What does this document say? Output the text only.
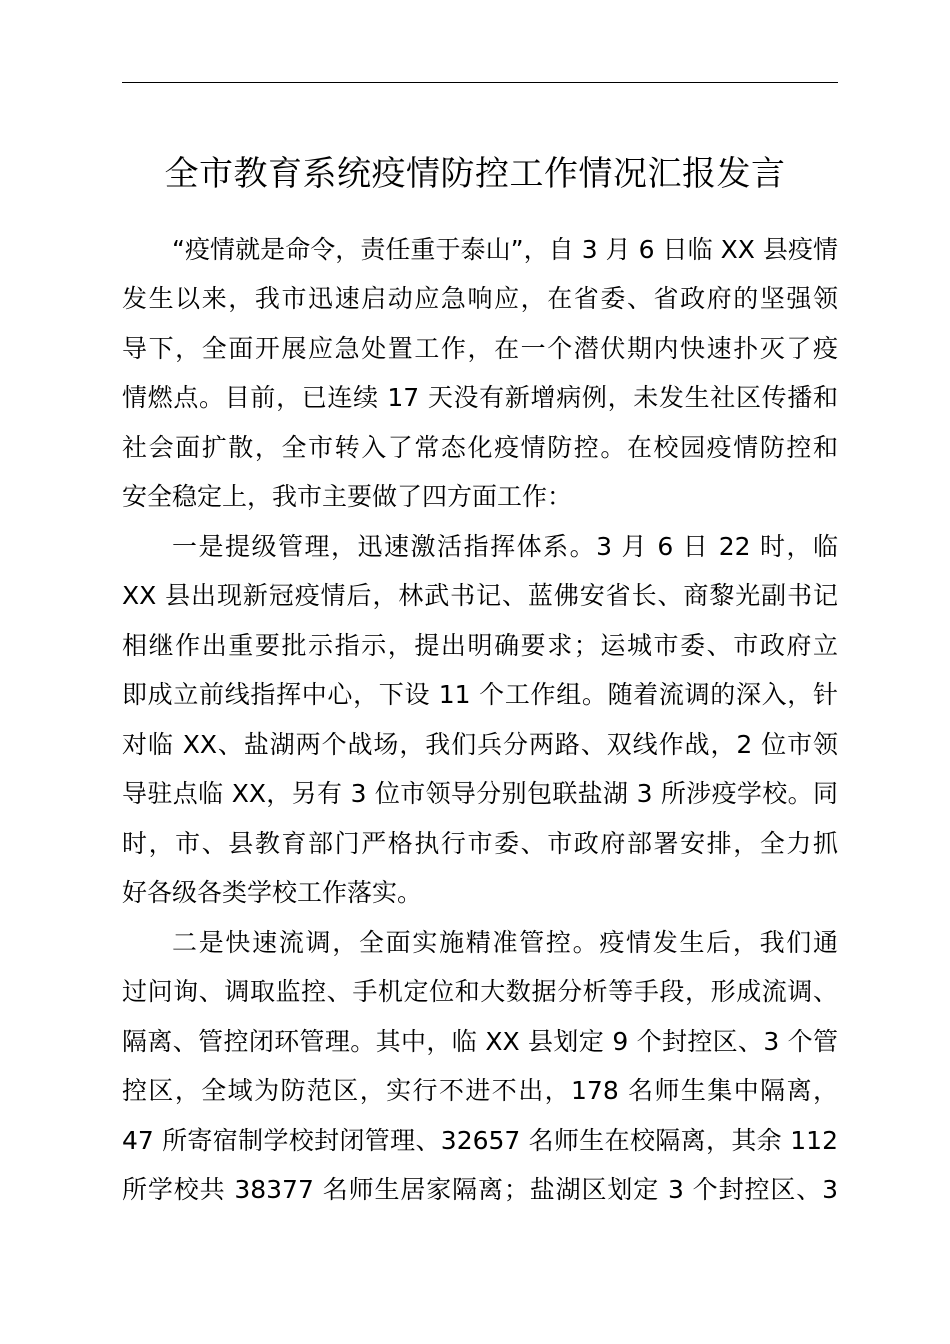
全市教育系统疫情防控工作情况汇报发言

“疫情就是命令，责任重于泰山”，自 3 月 6 日临 XX 县疫情

发生以来，我市迅速启动应急响应，在省委、省政府的坚强领

导下，全面开展应急处置工作，在一个潜伏期内快速扑灭了疫

情燃点。目前，已连续 17 天没有新增病例，未发生社区传播和

社会面扩散，全市转入了常态化疫情防控。在校园疫情防控和

安全稳定上，我市主要做了四方面工作：

一是提级管理，迅速激活指挥体系。3 月 6 日 22 时，临

XX 县出现新冠疫情后，林武书记、蓝佛安省长、商黎光副书记

相继作出重要批示指示，提出明确要求；运城市委、市政府立

即成立前线指挥中心，下设 11 个工作组。随着流调的深入，针

对临 XX、盐湖两个战场，我们兵分两路、双线作战，2 位市领

导驻点临 XX，另有 3 位市领导分别包联盐湖 3 所涉疫学校。同

时，市、县教育部门严格执行市委、市政府部署安排，全力抓

好各级各类学校工作落实。

二是快速流调，全面实施精准管控。疫情发生后，我们通

过问询、调取监控、手机定位和大数据分析等手段，形成流调、

隔离、管控闭环管理。其中，临 XX 县划定 9 个封控区、3 个管

控区，全域为防范区，实行不进不出，178 名师生集中隔离，

47 所寄宿制学校封闭管理、32657 名师生在校隔离，其余 112

所学校共 38377 名师生居家隔离；盐湖区划定 3 个封控区、3
